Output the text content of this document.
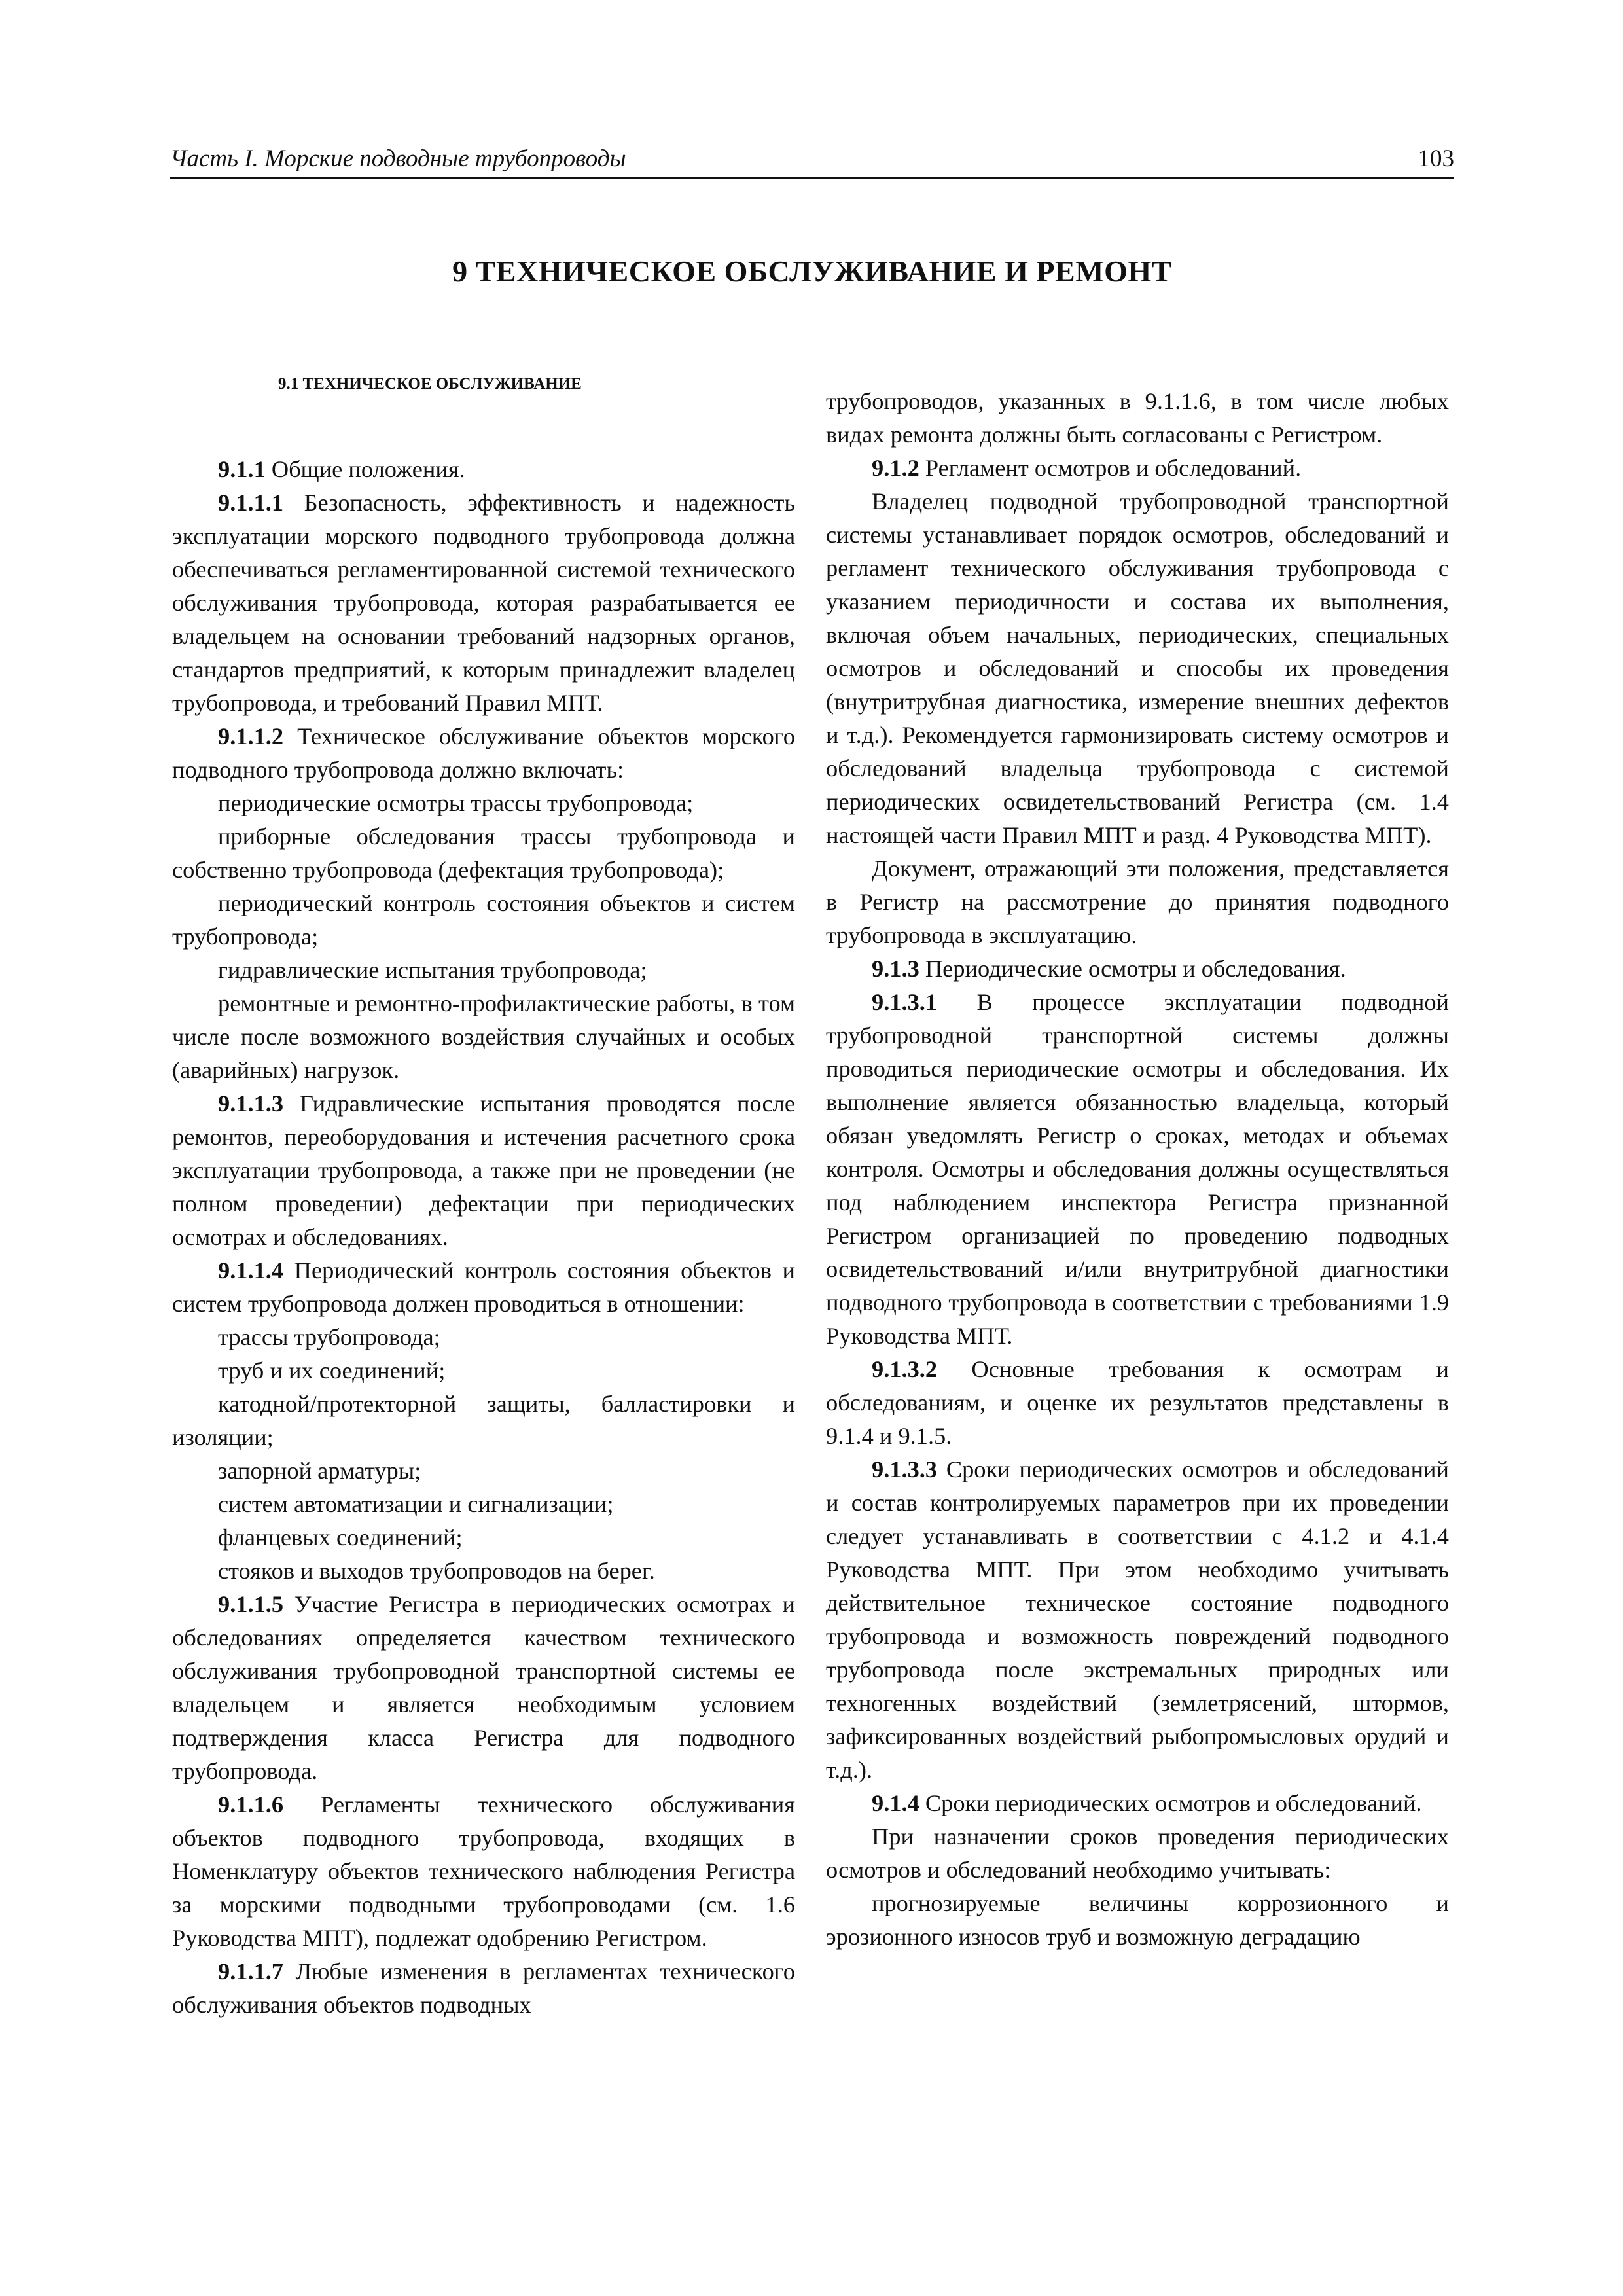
Часть I. Морские подводные трубопроводы	103
9 ТЕХНИЧЕСКОЕ ОБСЛУЖИВАНИЕ И РЕМОНТ
9.1 ТЕХНИЧЕСКОЕ ОБСЛУЖИВАНИЕ

9.1.1 Общие положения.

9.1.1.1 Безопасность, эффективность и надежность эксплуатации морского подводного трубопровода должна обеспечиваться регламентированной системой технического обслуживания трубопровода, которая разрабатывается ее владельцем на основании требований надзорных органов, стандартов предприятий, к которым принадлежит владелец трубопровода, и требований Правил МПТ.

9.1.1.2 Техническое обслуживание объектов морского подводного трубопровода должно включать:

периодические осмотры трассы трубопровода;

приборные обследования трассы трубопровода и собственно трубопровода (дефектация трубопровода);

периодический контроль состояния объектов и систем трубопровода;

гидравлические испытания трубопровода;

ремонтные и ремонтно-профилактические работы, в том числе после возможного воздействия случайных и особых (аварийных) нагрузок.

9.1.1.3 Гидравлические испытания проводятся после ремонтов, переоборудования и истечения расчетного срока эксплуатации трубопровода, а также при не проведении (не полном проведении) дефектации при периодических осмотрах и обследованиях.

9.1.1.4 Периодический контроль состояния объектов и систем трубопровода должен проводиться в отношении:

трассы трубопровода;

труб и их соединений;

катодной/протекторной защиты, балластировки и изоляции;

запорной арматуры;

систем автоматизации и сигнализации;

фланцевых соединений;

стояков и выходов трубопроводов на берег.

9.1.1.5 Участие Регистра в периодических осмотрах и обследованиях определяется качеством технического обслуживания трубопроводной транспортной системы ее владельцем и является необходимым условием подтверждения класса Регистра для подводного трубопровода.

9.1.1.6 Регламенты технического обслуживания объектов подводного трубопровода, входящих в Номенклатуру объектов технического наблюдения Регистра за морскими подводными трубопроводами (см. 1.6 Руководства МПТ), подлежат одобрению Регистром.

9.1.1.7 Любые изменения в регламентах технического обслуживания объектов подводных

трубопроводов, указанных в 9.1.1.6, в том числе любых видах ремонта должны быть согласованы с Регистром.

9.1.2 Регламент осмотров и обследований.

Владелец подводной трубопроводной транспортной системы устанавливает порядок осмотров, обследований и регламент технического обслуживания трубопровода с указанием периодичности и состава их выполнения, включая объем начальных, периодических, специальных осмотров и обследований и способы их проведения (внутритрубная диагностика, измерение внешних дефектов и т.д.). Рекомендуется гармонизировать систему осмотров и обследований владельца трубопровода с системой периодических освидетельствований Регистра (см. 1.4 настоящей части Правил МПТ и разд. 4 Руководства МПТ).

Документ, отражающий эти положения, представляется в Регистр на рассмотрение до принятия подводного трубопровода в эксплуатацию.

9.1.3 Периодические осмотры и обследования.

9.1.3.1 В процессе эксплуатации подводной трубопроводной транспортной системы должны проводиться периодические осмотры и обследования. Их выполнение является обязанностью владельца, который обязан уведомлять Регистр о сроках, методах и объемах контроля. Осмотры и обследования должны осуществляться под наблюдением инспектора Регистра признанной Регистром организацией по проведению подводных освидетельствований и/или внутритрубной диагностики подводного трубопровода в соответствии с требованиями 1.9 Руководства МПТ.

9.1.3.2 Основные требования к осмотрам и обследованиям, и оценке их результатов представлены в 9.1.4 и 9.1.5.

9.1.3.3 Сроки периодических осмотров и обследований и состав контролируемых параметров при их проведении следует устанавливать в соответствии с 4.1.2 и 4.1.4 Руководства МПТ. При этом необходимо учитывать действительное техническое состояние подводного трубопровода и возможность повреждений подводного трубопровода после экстремальных природных или техногенных воздействий (землетрясений, штормов, зафиксированных воздействий рыбопромысловых орудий и т.д.).

9.1.4 Сроки периодических осмотров и обследований.

При назначении сроков проведения периодических осмотров и обследований необходимо учитывать:

прогнозируемые величины коррозионного и эрозионного износов труб и возможную деградацию
